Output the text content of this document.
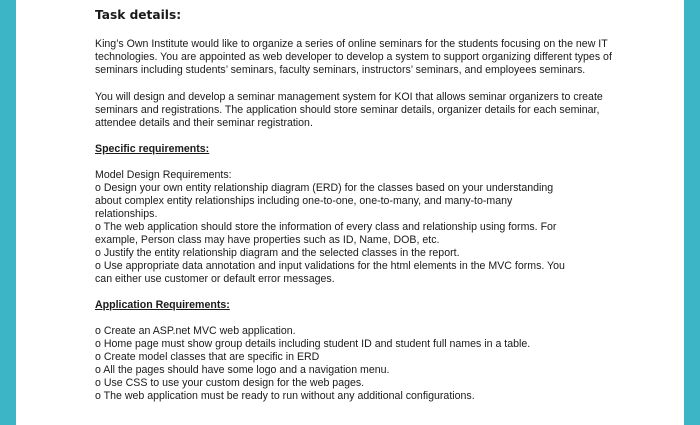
Task details:

King’s Own Institute would like to organize a series of online seminars for the students focusing on the new IT technologies. You are appointed as web developer to develop a system to support organizing different types of seminars including students’ seminars, faculty seminars, instructors’ seminars, and employees seminars.

You will design and develop a seminar management system for KOI that allows seminar organizers to create seminars and registrations. The application should store seminar details, organizer details for each seminar, attendee details and their seminar registration.

Specific requirements:
Model Design Requirements:
o Design your own entity relationship diagram (ERD) for the classes based on your understanding
about complex entity relationships including one-to-one, one-to-many, and many-to-many
relationships.
o The web application should store the information of every class and relationship using forms. For
example, Person class may have properties such as ID, Name, DOB, etc.
o Justify the entity relationship diagram and the selected classes in the report.
o Use appropriate data annotation and input validations for the html elements in the MVC forms. You
can either use customer or default error messages.
Application Requirements:
o Create an ASP.net MVC web application.
o Home page must show group details including student ID and student full names in a table.
o Create model classes that are specific in ERD
o All the pages should have some logo and a navigation menu.
o Use CSS to use your custom design for the web pages.
o The web application must be ready to run without any additional configurations.
